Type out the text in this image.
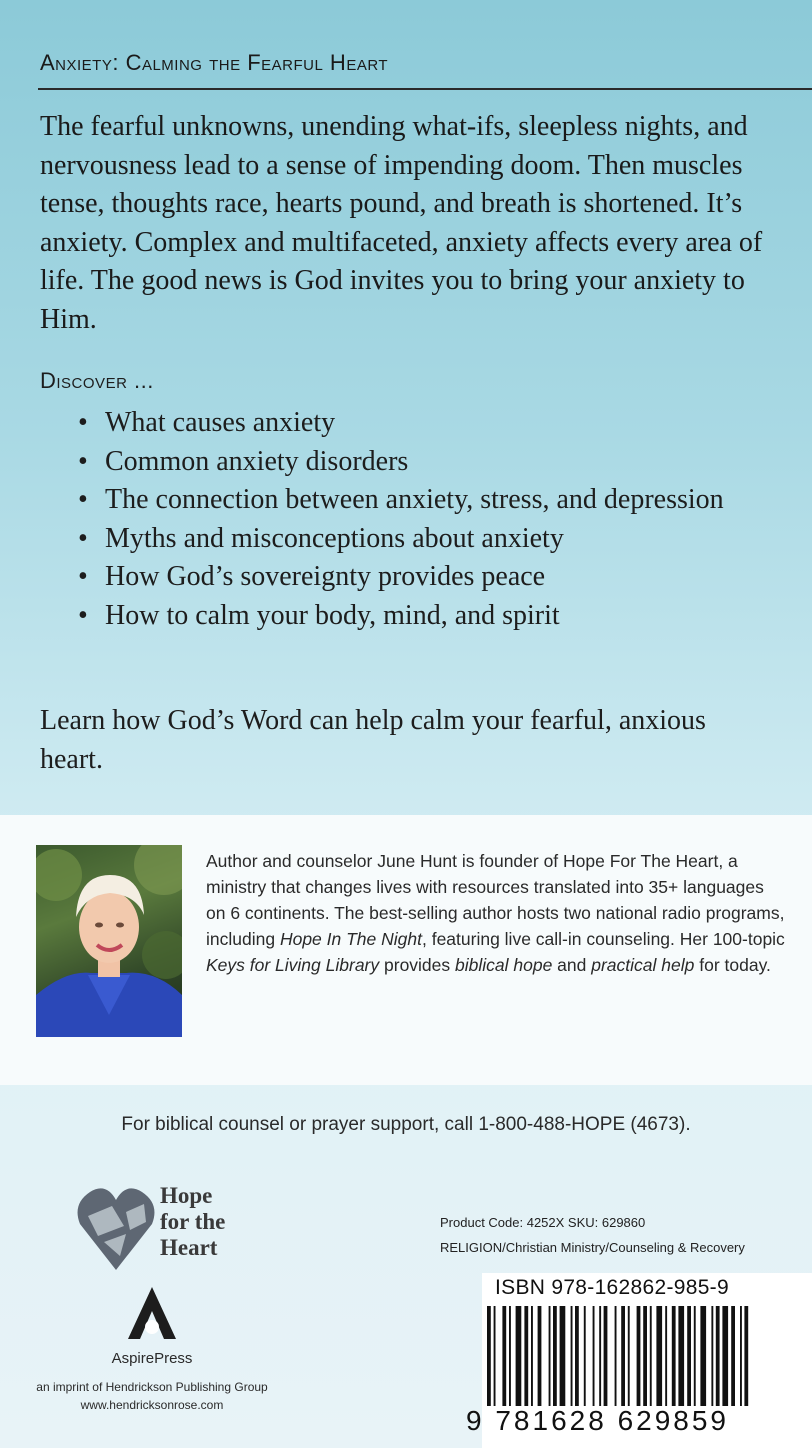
Anxiety: Calming the Fearful Heart

The fearful unknowns, unending what-ifs, sleepless nights, and nervousness lead to a sense of impending doom. Then muscles tense, thoughts race, hearts pound, and breath is shortened. It’s anxiety. Complex and multifaceted, anxiety affects every area of life. The good news is God invites you to bring your anxiety to Him.

Discover ...
• What causes anxiety
• Common anxiety disorders
• The connection between anxiety, stress, and depression
• Myths and misconceptions about anxiety
• How God’s sovereignty provides peace
• How to calm your body, mind, and spirit

Learn how God’s Word can help calm your fearful, anxious heart.

Author and counselor June Hunt is founder of Hope For The Heart, a ministry that changes lives with resources translated into 35+ languages on 6 continents. The best-selling author hosts two national radio programs, including Hope In The Night, featuring live call-in counseling. Her 100-topic Keys for Living Library provides biblical hope and practical help for today.

For biblical counsel or prayer support, call 1-800-488-HOPE (4673).
Hope
for the
Heart
AspirePress
an imprint of Hendrickson Publishing Group
www.hendricksonrose.com
Product Code: 4252X SKU: 629860
RELIGION/Christian Ministry/Counseling & Recovery
ISBN 978-162862-985-9
9 781628 629859
